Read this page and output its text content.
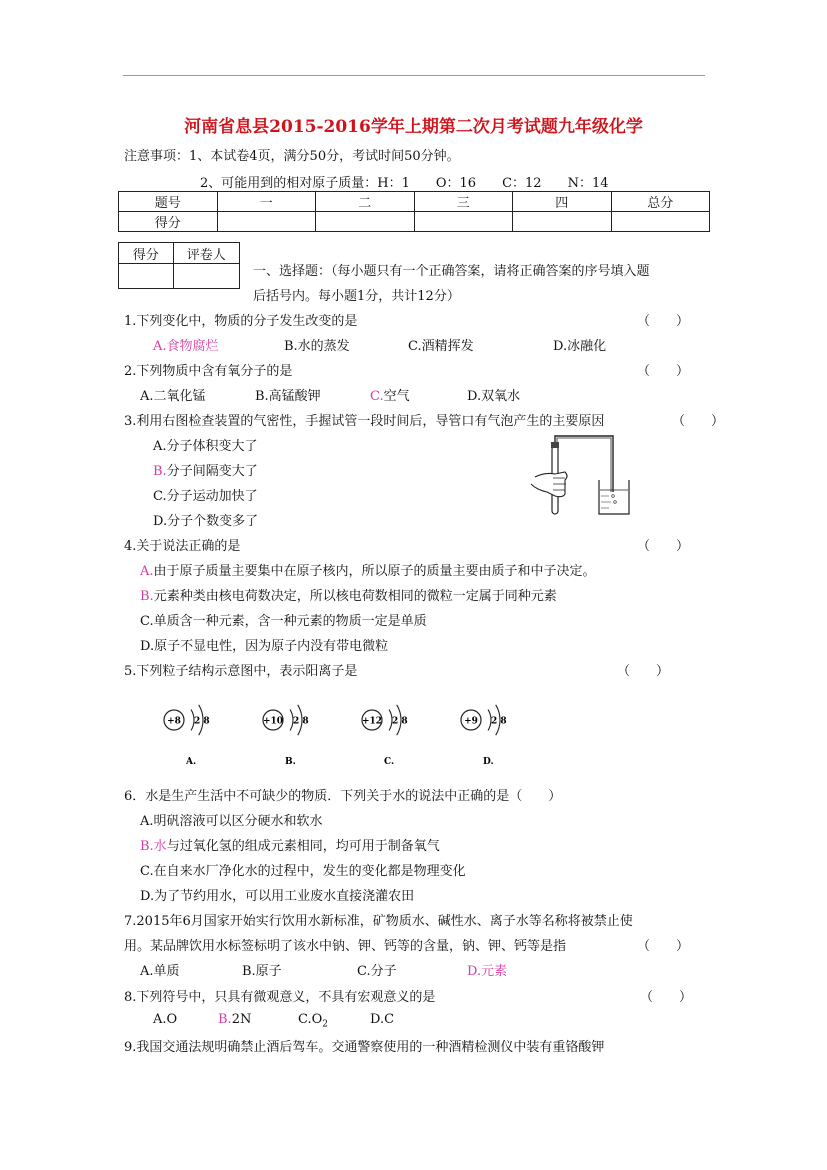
河南省息县2015-2016学年上期第二次月考试题九年级化学
注意事项：1、本试卷4页，满分50分，考试时间50分钟。
2、可能用到的相对原子质量：H：1　　O：16　　C：12　　N：14
题号	一	二	三	四	总分
得分					
得分	评卷人

一、选择题：（每小题只有一个正确答案，请将正确答案的序号填入题
后括号内。每小题1分，共计12分）
1.下列变化中，物质的分子发生改变的是	（　　）
A.食物腐烂	B.水的蒸发	C.酒精挥发	D.冰融化
2.下列物质中含有氧分子的是	（　　）
A.二氧化锰	B.高锰酸钾	C.空气	D.双氧水
3.利用右图检查装置的气密性，手握试管一段时间后，导管口有气泡产生的主要原因	（　　）
A.分子体积变大了
B.分子间隔变大了
C.分子运动加快了
D.分子个数变多了
4.关于说法正确的是	（　　）
A.由于原子质量主要集中在原子核内，所以原子的质量主要由质子和中子决定。
B.元素种类由核电荷数决定，所以核电荷数相同的微粒一定属于同种元素
C.单质含一种元素，含一种元素的物质一定是单质
D.原子不显电性，因为原子内没有带电微粒
5.下列粒子结构示意图中，表示阳离子是	（　　）
+8 2 8
A.
+10 2 8
B.
+12 2 8
C.
+9 2 8
D.
6．水是生产生活中不可缺少的物质．下列关于水的说法中正确的是（　　）
A.明矾溶液可以区分硬水和软水
B.水与过氧化氢的组成元素相同，均可用于制备氧气
C.在自来水厂净化水的过程中，发生的变化都是物理变化
D.为了节约用水，可以用工业废水直接浇灌农田
7.2015年6月国家开始实行饮用水新标准，矿物质水、碱性水、离子水等名称将被禁止使
用。某品牌饮用水标签标明了该水中钠、钾、钙等的含量，钠、钾、钙等是指	（　　）
A.单质	B.原子	C.分子	D.元素
8.下列符号中，只具有微观意义，不具有宏观意义的是	（　　）
A.O	B.2N	$C.O_2$	D.C
9.我国交通法规明确禁止酒后驾车。交通警察使用的一种酒精检测仪中装有重铬酸钾
